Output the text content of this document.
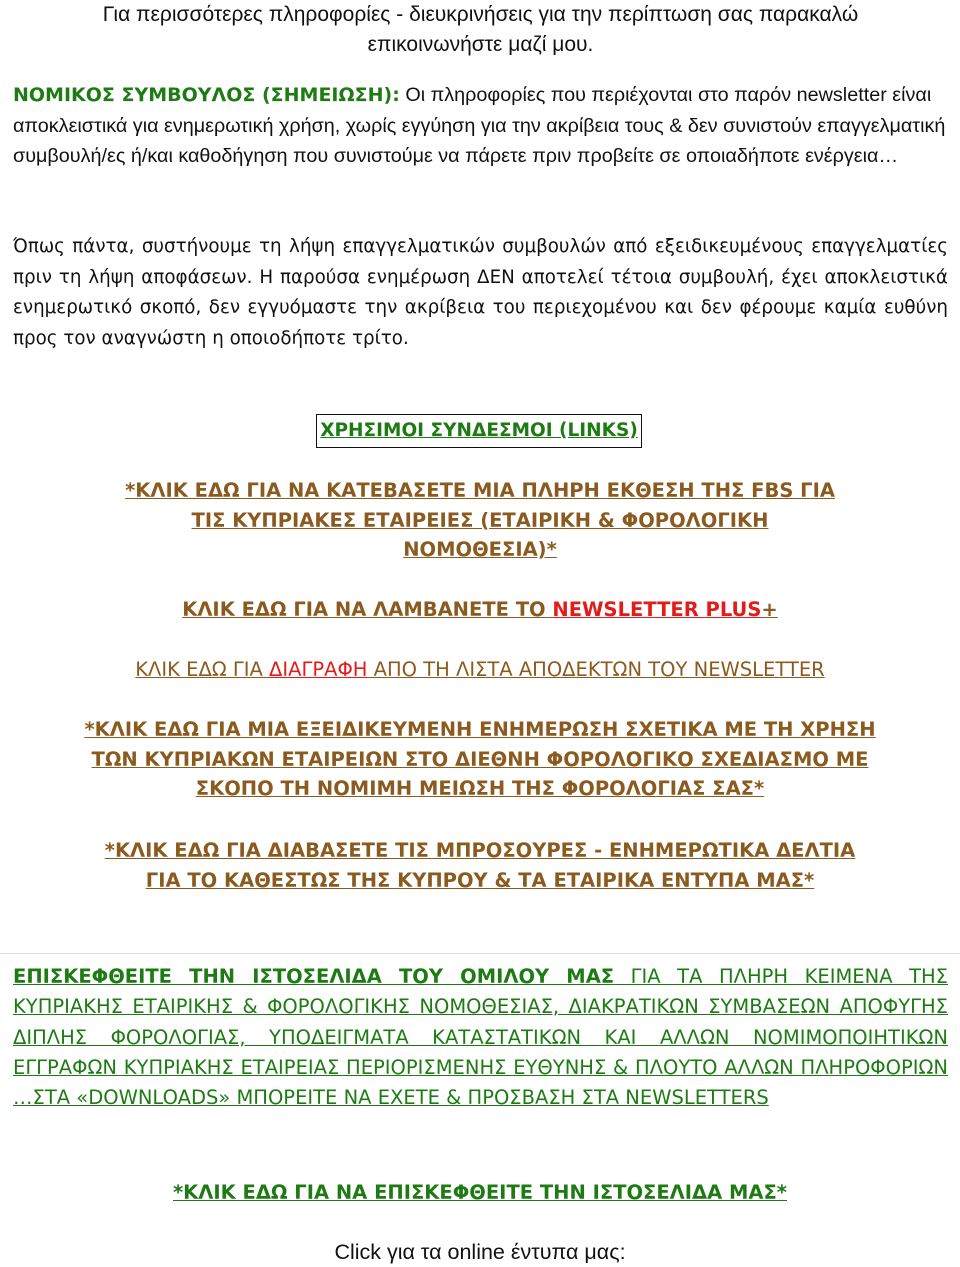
Για περισσότερες πληροφορίες - διευκρινήσεις για την περίπτωση σας παρακαλώ
επικοινωνήστε μαζί μου.
ΝΟΜΙΚΟΣ ΣΥΜΒΟΥΛΟΣ (ΣΗΜΕΙΩΣΗ): Οι πληροφορίες που περιέχονται στο παρόν newsletter είναι αποκλειστικά για ενημερωτική χρήση, χωρίς εγγύηση για την ακρίβεια τους & δεν συνιστούν επαγγελματική συμβουλή/ες ή/και καθοδήγηση που συνιστούμε να πάρετε πριν προβείτε σε οποιαδήποτε ενέργεια…
Όπως πάντα, συστήνουμε τη λήψη επαγγελματικών συμβουλών από εξειδικευμένους επαγγελματίες πριν τη λήψη αποφάσεων. Η παρούσα ενημέρωση ΔΕΝ αποτελεί τέτοια συμβουλή, έχει αποκλειστικά ενημερωτικό σκοπό, δεν εγγυόμαστε την ακρίβεια του περιεχομένου και δεν φέρουμε καμία ευθύνη προς τον αναγνώστη η οποιοδήποτε τρίτο.
ΧΡΗΣΙΜΟΙ ΣΥΝΔΕΣΜΟΙ (LINKS)
*ΚΛΙΚ ΕΔΩ ΓΙΑ ΝΑ ΚΑΤΕΒΑΣΕΤΕ ΜΙΑ ΠΛΗΡΗ ΕΚΘΕΣΗ ΤΗΣ FBS ΓΙΑ
ΤΙΣ ΚΥΠΡΙΑΚΕΣ ΕΤΑΙΡΕΙΕΣ (ΕΤΑΙΡΙΚΗ & ΦΟΡΟΛΟΓΙΚΗ
ΝΟΜΟΘΕΣΙΑ)*
ΚΛΙΚ ΕΔΩ ΓΙΑ ΝΑ ΛΑΜΒΑΝΕΤΕ ΤΟ NEWSLETTER PLUS+
ΚΛΙΚ ΕΔΩ ΓΙΑ ΔΙΑΓΡΑΦΗ ΑΠΟ ΤΗ ΛΙΣΤΑ ΑΠΟΔΕΚΤΩΝ ΤΟΥ NEWSLETTER
*ΚΛΙΚ ΕΔΩ ΓΙΑ ΜΙΑ ΕΞΕΙΔΙΚΕΥΜΕΝΗ ΕΝΗΜΕΡΩΣΗ ΣΧΕΤΙΚΑ ΜΕ ΤΗ ΧΡΗΣΗ
ΤΩΝ ΚΥΠΡΙΑΚΩΝ ΕΤΑΙΡΕΙΩΝ ΣΤΟ ΔΙΕΘΝΗ ΦΟΡΟΛΟΓΙΚΟ ΣΧΕΔΙΑΣΜΟ ΜΕ
ΣΚΟΠΟ ΤΗ ΝΟΜΙΜΗ ΜΕΙΩΣΗ ΤΗΣ ΦΟΡΟΛΟΓΙΑΣ ΣΑΣ*
*ΚΛΙΚ ΕΔΩ ΓΙΑ ΔΙΑΒΑΣΕΤΕ ΤΙΣ ΜΠΡΟΣΟΥΡΕΣ - ΕΝΗΜΕΡΩΤΙΚΑ ΔΕΛΤΙΑ
ΓΙΑ ΤΟ ΚΑΘΕΣΤΩΣ ΤΗΣ ΚΥΠΡΟΥ & ΤΑ ΕΤΑΙΡΙΚΑ ΕΝΤΥΠΑ ΜΑΣ*
ΕΠΙΣΚΕΦΘΕΙΤΕ ΤΗΝ ΙΣΤΟΣΕΛΙΔΑ ΤΟΥ ΟΜΙΛΟΥ ΜΑΣ ΓΙΑ ΤΑ ΠΛΗΡΗ ΚΕΙΜΕΝΑ ΤΗΣ ΚΥΠΡΙΑΚΗΣ ΕΤΑΙΡΙΚΗΣ & ΦΟΡΟΛΟΓΙΚΗΣ ΝΟΜΟΘΕΣΙΑΣ, ΔΙΑΚΡΑΤΙΚΩΝ ΣΥΜΒΑΣΕΩΝ ΑΠΟΦΥΓΗΣ ΔΙΠΛΗΣ ΦΟΡΟΛΟΓΙΑΣ, ΥΠΟΔΕΙΓΜΑΤΑ ΚΑΤΑΣΤΑΤΙΚΩΝ ΚΑΙ ΑΛΛΩΝ ΝΟΜΙΜΟΠΟΙΗΤΙΚΩΝ ΕΓΓΡΑΦΩΝ ΚΥΠΡΙΑΚΗΣ ΕΤΑΙΡΕΙΑΣ ΠΕΡΙΟΡΙΣΜΕΝΗΣ ΕΥΘΥΝΗΣ & ΠΛΟΥΤΟ ΑΛΛΩΝ ΠΛΗΡΟΦΟΡΙΩΝ …ΣΤΑ «DOWNLOADS» ΜΠΟΡΕΙΤΕ ΝΑ ΕΧΕΤΕ & ΠΡΟΣΒΑΣΗ ΣΤΑ NEWSLETTERS
*ΚΛΙΚ ΕΔΩ ΓΙΑ ΝΑ ΕΠΙΣΚΕΦΘΕΙΤΕ ΤΗΝ ΙΣΤΟΣΕΛΙΔΑ ΜΑΣ*
Click για τα online έντυπα μας:
